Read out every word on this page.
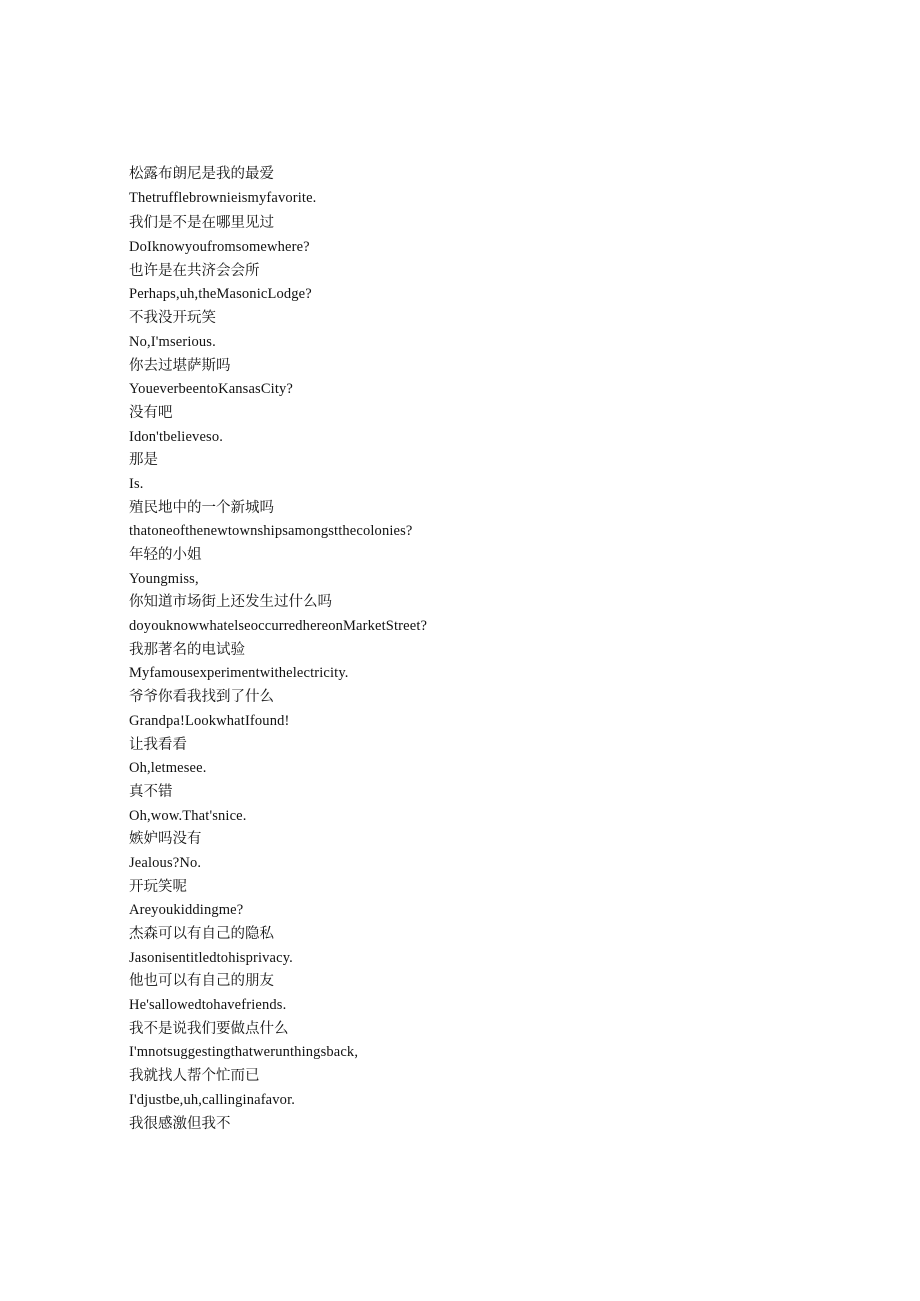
松露布朗尼是我的最爱
Thetrufflebrownieismyfavorite.
我们是不是在哪里见过
DoIknowyoufromsomewhere?
也许是在共济会会所
Perhaps,uh,theMasonicLodge?
不我没开玩笑
No,I'mserious.
你去过堪萨斯吗
YoueverbeentoKansasCity?
没有吧
Idon'tbelieveso.
那是
Is.
殖民地中的一个新城吗
thatoneofthenewtownshipsamongstthecolonies?
年轻的小姐
Youngmiss,
你知道市场街上还发生过什么吗
doyouknowwhatelseoccurredhereonMarketStreet?
我那著名的电试验
Myfamousexperimentwithelectricity.
爷爷你看我找到了什么
Grandpa!LookwhatIfound!
让我看看
Oh,letmesee.
真不错
Oh,wow.That'snice.
嫉妒吗没有
Jealous?No.
开玩笑呢
Areyoukiddingme?
杰森可以有自己的隐私
Jasonisentitledtohisprivacy.
他也可以有自己的朋友
He'sallowedtohavefriends.
我不是说我们要做点什么
I'mnotsuggestingthatwerunthingsback,
我就找人帮个忙而已
I'djustbe,uh,callinginafavor.
我很感激但我不
